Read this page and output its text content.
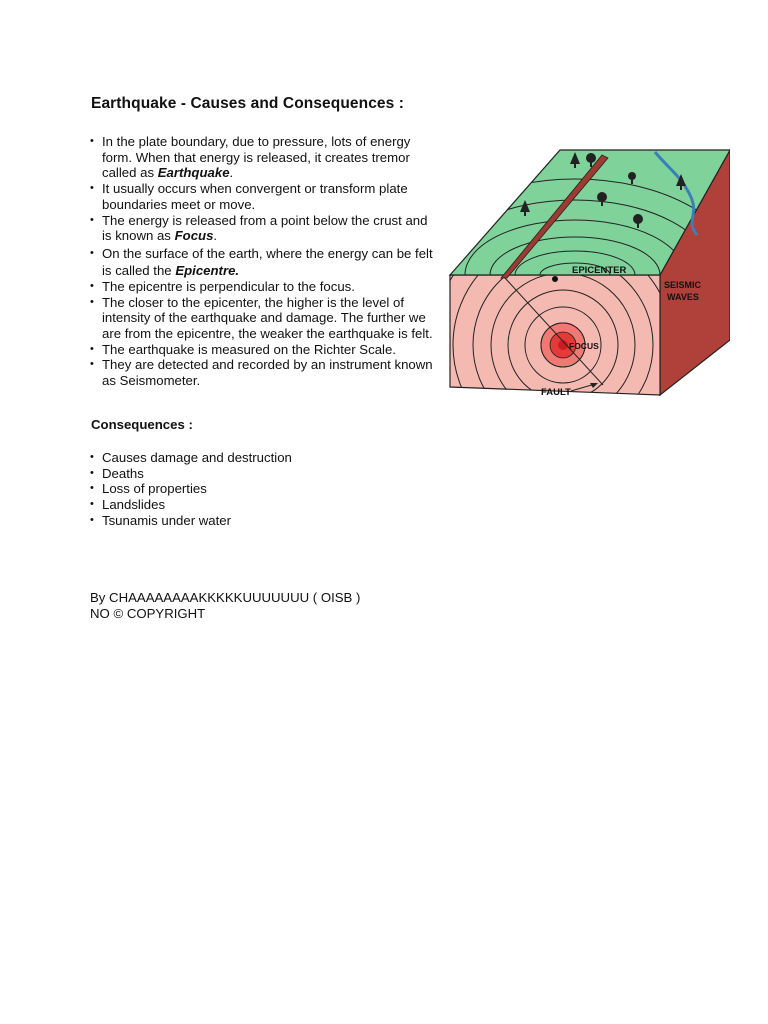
Earthquake - Causes and Consequences :
• In the plate boundary, due to pressure, lots of energy form. When that energy is released, it creates tremor called as Earthquake.
• It usually occurs when convergent or transform plate boundaries meet or move.
• The energy is released from a point below the crust and is known as Focus.
• On the surface of the earth, where the energy can be felt is called the Epicentre.
• The epicentre is perpendicular to the focus.
• The closer to the epicenter, the higher is the level of intensity of the earthquake and damage. The further we are from the epicentre, the weaker the earthquake is felt.
• The earthquake is measured on the Richter Scale.
• They are detected and recorded by an instrument known as Seismometer.
Consequences :
• Causes damage and destruction
• Deaths
• Loss of properties
• Landslides
• Tsunamis under water
By CHAAAAAAAAKKKKKUUUUUUU ( OISB )
NO © COPYRIGHT
EPICENTER
SEISMIC
WAVES
FOCUS
FAULT
